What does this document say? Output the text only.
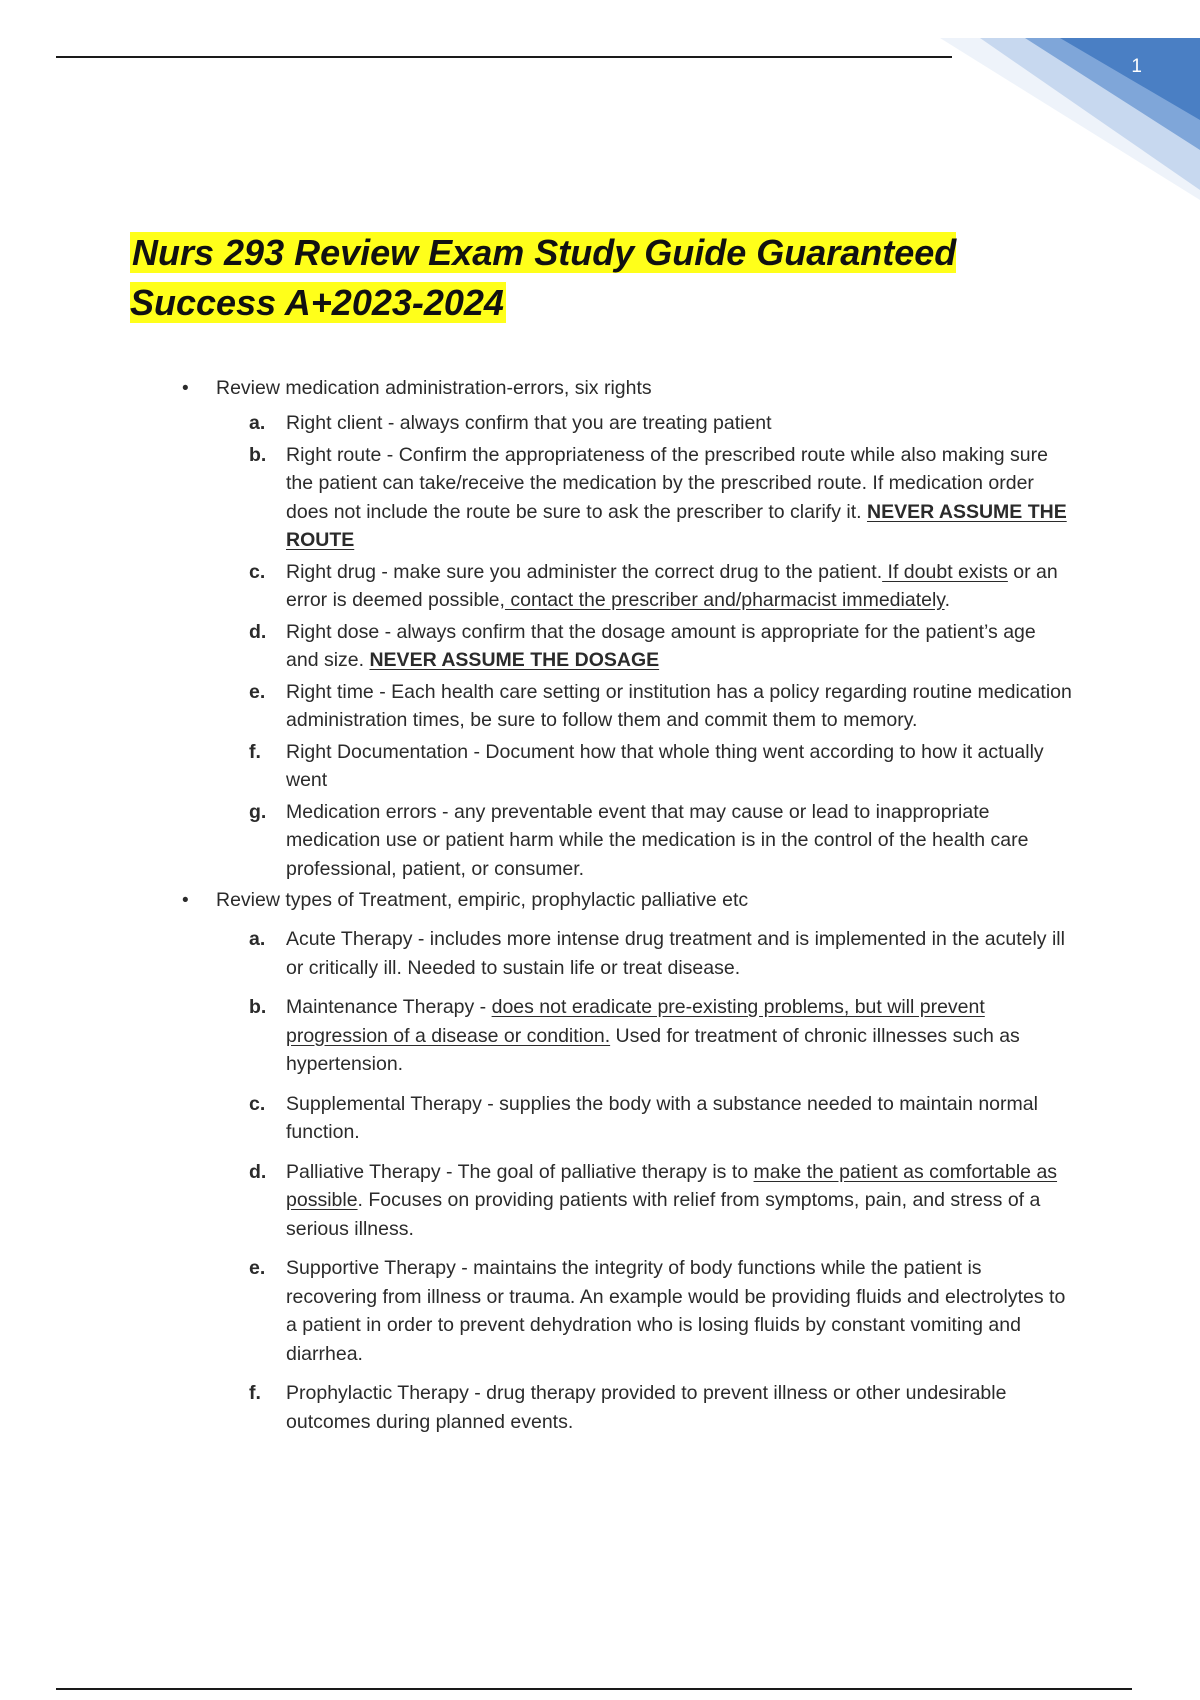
1
Nurs 293 Review Exam Study Guide Guaranteed Success A+2023-2024
• Review medication administration-errors, six rights
a. Right client - always confirm that you are treating patient
b. Right route - Confirm the appropriateness of the prescribed route while also making sure the patient can take/receive the medication by the prescribed route. If medication order does not include the route be sure to ask the prescriber to clarify it. NEVER ASSUME THE ROUTE
c. Right drug - make sure you administer the correct drug to the patient. If doubt exists or an error is deemed possible, contact the prescriber and/pharmacist immediately.
d. Right dose - always confirm that the dosage amount is appropriate for the patient’s age and size. NEVER ASSUME THE DOSAGE
e. Right time - Each health care setting or institution has a policy regarding routine medication administration times, be sure to follow them and commit them to memory.
f. Right Documentation - Document how that whole thing went according to how it actually went
g. Medication errors - any preventable event that may cause or lead to inappropriate medication use or patient harm while the medication is in the control of the health care professional, patient, or consumer.
• Review types of Treatment, empiric, prophylactic palliative etc
a. Acute Therapy - includes more intense drug treatment and is implemented in the acutely ill or critically ill. Needed to sustain life or treat disease.
b. Maintenance Therapy - does not eradicate pre-existing problems, but will prevent progression of a disease or condition. Used for treatment of chronic illnesses such as hypertension.
c. Supplemental Therapy - supplies the body with a substance needed to maintain normal function.
d. Palliative Therapy - The goal of palliative therapy is to make the patient as comfortable as possible. Focuses on providing patients with relief from symptoms, pain, and stress of a serious illness.
e. Supportive Therapy - maintains the integrity of body functions while the patient is recovering from illness or trauma. An example would be providing fluids and electrolytes to a patient in order to prevent dehydration who is losing fluids by constant vomiting and diarrhea.
f. Prophylactic Therapy - drug therapy provided to prevent illness or other undesirable outcomes during planned events.
